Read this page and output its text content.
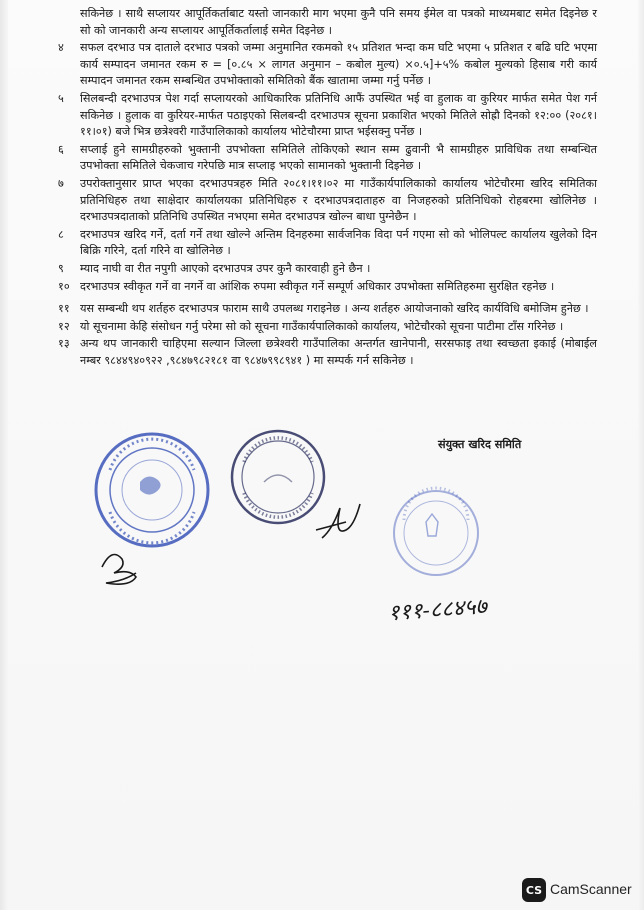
सकिनेछ । साथै सप्लायर आपूर्तिकर्ताबाट यस्तो जानकारी माग भएमा कुनै पनि समय ईमेल वा पत्रको माध्यमबाट समेत दिइनेछ र सो को जानकारी अन्य सप्लायर आपूर्तिकर्तालाई समेत दिइनेछ ।

४ सफल दरभाउ पत्र दाताले दरभाउ पत्रको जम्मा अनुमानित रकमको १५ प्रतिशत भन्दा कम घटि भएमा ५ प्रतिशत र बढि घटि भएमा कार्य सम्पादन जमानत रकम रु = [०.८५ × लागत अनुमान – कबोल मुल्य) ×०.५]+५% कबोल मुल्यको हिसाब गरी कार्य सम्पादन जमानत रकम सम्बन्धित उपभोक्ताको समितिको बैंक खातामा जम्मा गर्नु पर्नेछ ।

५ सिलबन्दी दरभाउपत्र पेश गर्दा सप्लायरको आधिकारिक प्रतिनिधि आफैं उपस्थित भई वा हुलाक वा कुरियर मार्फत समेत पेश गर्न सकिनेछ । हुलाक वा कुरियर-मार्फत पठाइएको सिलबन्दी दरभाउपत्र सूचना प्रकाशित भएको मितिले सोह्रौ दिनको १२:०० (२०८१।११।०१) बजे भित्र छत्रेश्वरी गाउँपालिकाको कार्यालय भोटेचौरमा प्राप्त भईसक्नु पर्नेछ ।

६ सप्लाई हुने सामग्रीहरुको भुक्तानी उपभोक्ता समितिले तोकिएको स्थान सम्म ढुवानी भै सामग्रीहरु प्राविधिक तथा सम्बन्धित उपभोक्ता समितिले चेकजाच गरेपछि मात्र सप्लाइ भएको सामानको भुक्तानी दिइनेछ ।

७ उपरोक्तानुसार प्राप्त भएका दरभाउपत्रहरु मिति २०८१।११।०२ मा गाउँकार्यपालिकाको कार्यालय भोटेचौरमा खरिद समितिका प्रतिनिधिहरु तथा साक्षेदार कार्यालयका प्रतिनिधिहरु र दरभाउपत्रदाताहरु वा निजहरुको प्रतिनिधिको रोहबरमा खोलिनेछ । दरभाउपत्रदाताको प्रतिनिधि उपस्थित नभएमा समेत दरभाउपत्र खोल्न बाधा पुग्नेछैन ।

८ दरभाउपत्र खरिद गर्ने, दर्ता गर्ने तथा खोल्ने अन्तिम दिनहरुमा सार्वजनिक विदा पर्न गएमा सो को भोलिपल्ट कार्यालय खुलेको दिन बिक्रि गरिने, दर्ता गरिने वा खोलिनेछ ।

९ म्याद नाघी वा रीत नपुगी आएको दरभाउपत्र उपर कुनै कारवाही हुने छैन ।

१० दरभाउपत्र स्वीकृत गर्ने वा नगर्ने वा आंशिक रुपमा स्वीकृत गर्ने सम्पूर्ण अधिकार उपभोक्ता समितिहरुमा सुरक्षित रहनेछ ।

११ यस सम्बन्धी थप शर्तहरु दरभाउपत्र फाराम साथै उपलब्ध गराइनेछ । अन्य शर्तहरु आयोजनाको खरिद कार्यविधि बमोजिम हुनेछ ।

१२ यो सूचनामा केहि संसोधन गर्नु परेमा सो को सूचना गाउँकार्यपालिकाको कार्यालय, भोटेचौरको सूचना पाटीमा टाँस गरिनेछ ।

१३ अन्य थप जानकारी चाहिएमा सल्यान जिल्ला छत्रेश्वरी गाउँपालिका अन्तर्गत खानेपानी, सरसफाइ तथा स्वच्छता इकाई (मोबाईल नम्बर ९८४४९४०९२२ ,९८४७९८२१८१ वा ९८४७९९८९४१ ) मा सम्पर्क गर्न सकिनेछ ।

संयुक्त खरिद समिति
१११-८८४५७
CS CamScanner
